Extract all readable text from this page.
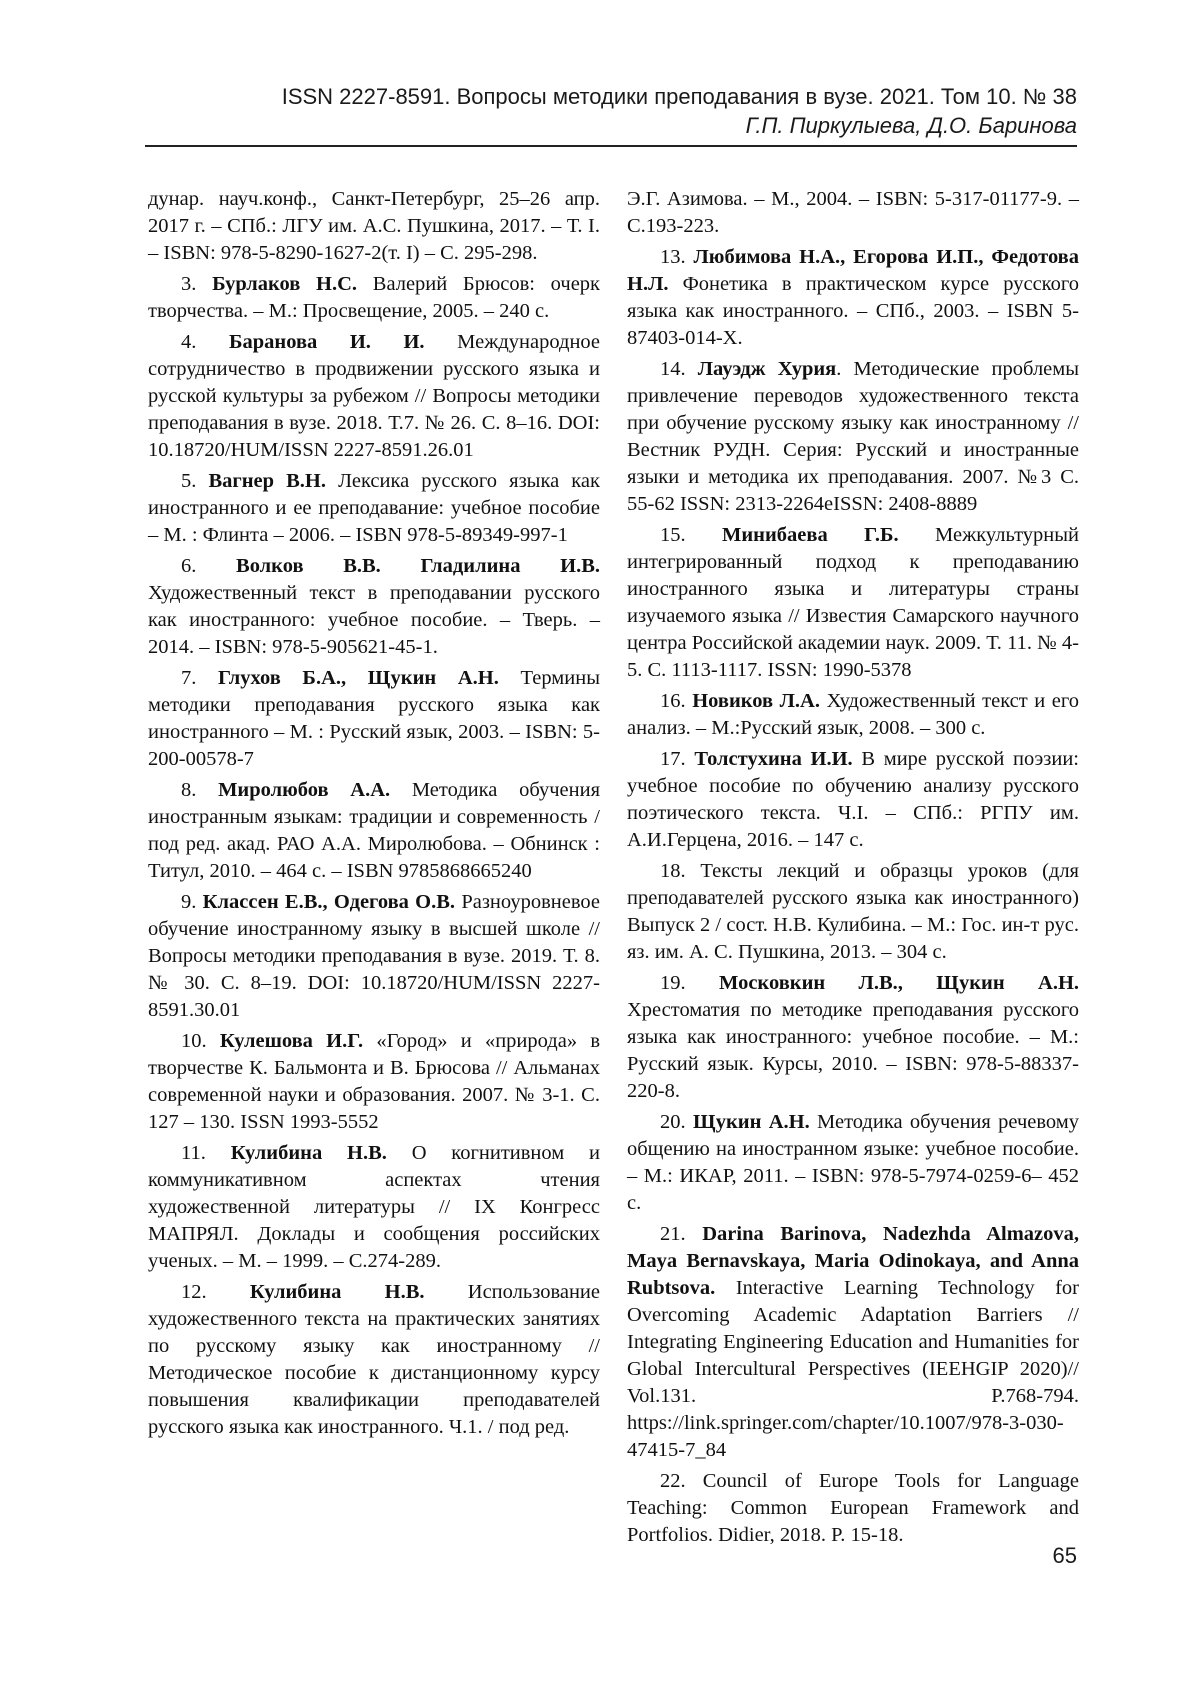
ISSN 2227-8591. Вопросы методики преподавания в вузе. 2021. Том 10. № 38
Г.П. Пиркулыева, Д.О. Баринова

дунар. науч.конф., Санкт-Петербург, 25–26 апр. 2017 г. – СПб.: ЛГУ им. А.С. Пушкина, 2017. – Т. I. – ISBN: 978-5-8290-1627-2(т. I) – С. 295-298.

3. Бурлаков Н.С. Валерий Брюсов: очерк творчества. – М.: Просвещение, 2005. – 240 с.

4. Баранова И. И. Международное сотрудничество в продвижении русского языка и русской культуры за рубежом // Вопросы методики преподавания в вузе. 2018. Т.7. № 26. С. 8–16. DOI: 10.18720/HUM/ISSN 2227-8591.26.01

5. Вагнер В.Н. Лексика русского языка как иностранного и ее преподавание: учебное пособие – М. : Флинта – 2006. – ISBN 978-5-89349-997-1

6. Волков В.В. Гладилина И.В. Художественный текст в преподавании русского как иностранного: учебное пособие. – Тверь. – 2014. – ISBN: 978-5-905621-45-1.

7. Глухов Б.А., Щукин А.Н. Термины методики преподавания русского языка как иностранного – М. : Русский язык, 2003. – ISBN: 5-200-00578-7

8. Миролюбов А.А. Методика обучения иностранным языкам: традиции и современность / под ред. акад. РАО А.А. Миролюбова. – Обнинск : Титул, 2010. – 464 с. – ISBN 9785868665240

9. Классен Е.В., Одегова О.В. Разноуровневое обучение иностранному языку в высшей школе // Вопросы методики преподавания в вузе. 2019. Т. 8. № 30. С. 8–19. DOI: 10.18720/HUM/ISSN 2227-8591.30.01

10. Кулешова И.Г. «Город» и «природа» в творчестве К. Бальмонта и В. Брюсова // Альманах современной науки и образования. 2007. № 3-1. С. 127 – 130. ISSN 1993-5552

11. Кулибина Н.В. О когнитивном и коммуникативном аспектах чтения художественной литературы // IX Конгресс МАПРЯЛ. Доклады и сообщения российских ученых. – М. – 1999. – С.274-289.

12. Кулибина Н.В. Использование художественного текста на практических занятиях по русскому языку как иностранному // Методическое пособие к дистанционному курсу повышения квалификации преподавателей русского языка как иностранного. Ч.1. / под ред.

Э.Г. Азимова. – М., 2004. – ISBN: 5-317-01177-9. – С.193-223.

13. Любимова Н.А., Егорова И.П., Федотова Н.Л. Фонетика в практическом курсе русского языка как иностранного. – СПб., 2003. – ISBN 5-87403-014-Х.

14. Лауэдж Хурия. Методические проблемы привлечение переводов художественного текста при обучение русскому языку как иностранному // Вестник РУДН. Серия: Русский и иностранные языки и методика их преподавания. 2007. №3 С. 55-62 ISSN: 2313-2264eISSN: 2408-8889

15. Минибаева Г.Б. Межкультурный интегрированный подход к преподаванию иностранного языка и литературы страны изучаемого языка // Известия Самарского научного центра Российской академии наук. 2009. Т. 11. № 4-5. С. 1113-1117. ISSN: 1990-5378

16. Новиков Л.А. Художественный текст и его анализ. – М.:Русский язык, 2008. – 300 с.

17. Толстухина И.И. В мире русской поэзии: учебное пособие по обучению анализу русского поэтического текста. Ч.I. – СПб.: РГПУ им. А.И.Герцена, 2016. – 147 с.

18. Тексты лекций и образцы уроков (для преподавателей русского языка как иностранного) Выпуск 2 / сост. Н.В. Кулибина. – М.: Гос. ин-т рус. яз. им. А. С. Пушкина, 2013. – 304 с.

19. Московкин Л.В., Щукин А.Н. Хрестоматия по методике преподавания русского языка как иностранного: учебное пособие. – М.: Русский язык. Курсы, 2010. – ISBN: 978-5-88337-220-8.

20. Щукин А.Н. Методика обучения речевому общению на иностранном языке: учебное пособие. – М.: ИКАР, 2011. – ISBN: 978-5-7974-0259-6– 452 с.

21. Darina Barinova, Nadezhda Almazova, Maya Bernavskaya, Maria Odinokaya, and Anna Rubtsova. Interactive Learning Technology for Overcoming Academic Adaptation Barriers // Integrating Engineering Education and Humanities for Global Intercultural Perspectives (IEEHGIP 2020)// Vol.131. P.768-794. https://link.springer.com/chapter/10.1007/978-3-030-47415-7_84

22. Council of Europe Tools for Language Teaching: Common European Framework and Portfolios. Didier, 2018. P. 15-18.

65
